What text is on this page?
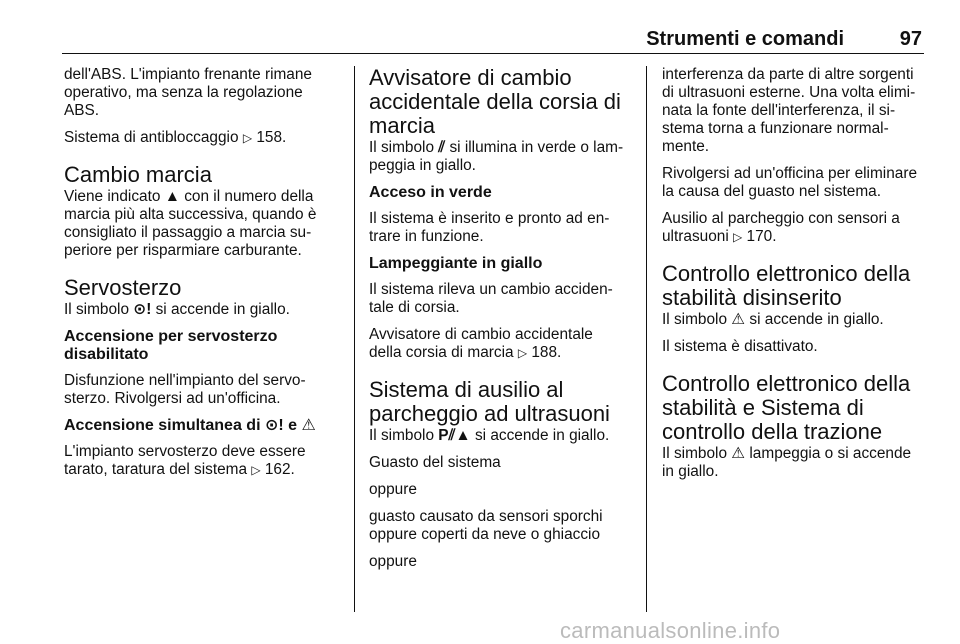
Strumenti e comandi	97

dell'ABS. L'impianto frenante rimane
operativo, ma senza la regolazione
ABS.

Sistema di antibloccaggio ▷ 158.

Cambio marcia

Viene indicato ▲ con il numero della
marcia più alta successiva, quando è
consigliato il passaggio a marcia su-
periore per risparmiare carburante.

Servosterzo

Il simbolo ⊙! si accende in giallo.

Accensione per servosterzo
disabilitato

Disfunzione nell'impianto del servo-
sterzo. Rivolgersi ad un'officina.

Accensione simultanea di ⊙! e ⚠

L'impianto servosterzo deve essere
tarato, taratura del sistema ▷ 162.

Avvisatore di cambio
accidentale della corsia di
marcia

Il simbolo ⫽ si illumina in verde o lam-
peggia in giallo.

Acceso in verde

Il sistema è inserito e pronto ad en-
trare in funzione.

Lampeggiante in giallo

Il sistema rileva un cambio acciden-
tale di corsia.

Avvisatore di cambio accidentale
della corsia di marcia ▷ 188.

Sistema di ausilio al
parcheggio ad ultrasuoni

Il simbolo P⫽▲ si accende in giallo.

Guasto del sistema

oppure

guasto causato da sensori sporchi
oppure coperti da neve o ghiaccio

oppure

interferenza da parte di altre sorgenti
di ultrasuoni esterne. Una volta elimi-
nata la fonte dell'interferenza, il si-
stema torna a funzionare normal-
mente.

Rivolgersi ad un'officina per eliminare
la causa del guasto nel sistema.

Ausilio al parcheggio con sensori a
ultrasuoni ▷ 170.

Controllo elettronico della
stabilità disinserito

Il simbolo ⚠ si accende in giallo.

Il sistema è disattivato.

Controllo elettronico della
stabilità e Sistema di
controllo della trazione

Il simbolo ⚠ lampeggia o si accende
in giallo.

carmanualsonline.info
